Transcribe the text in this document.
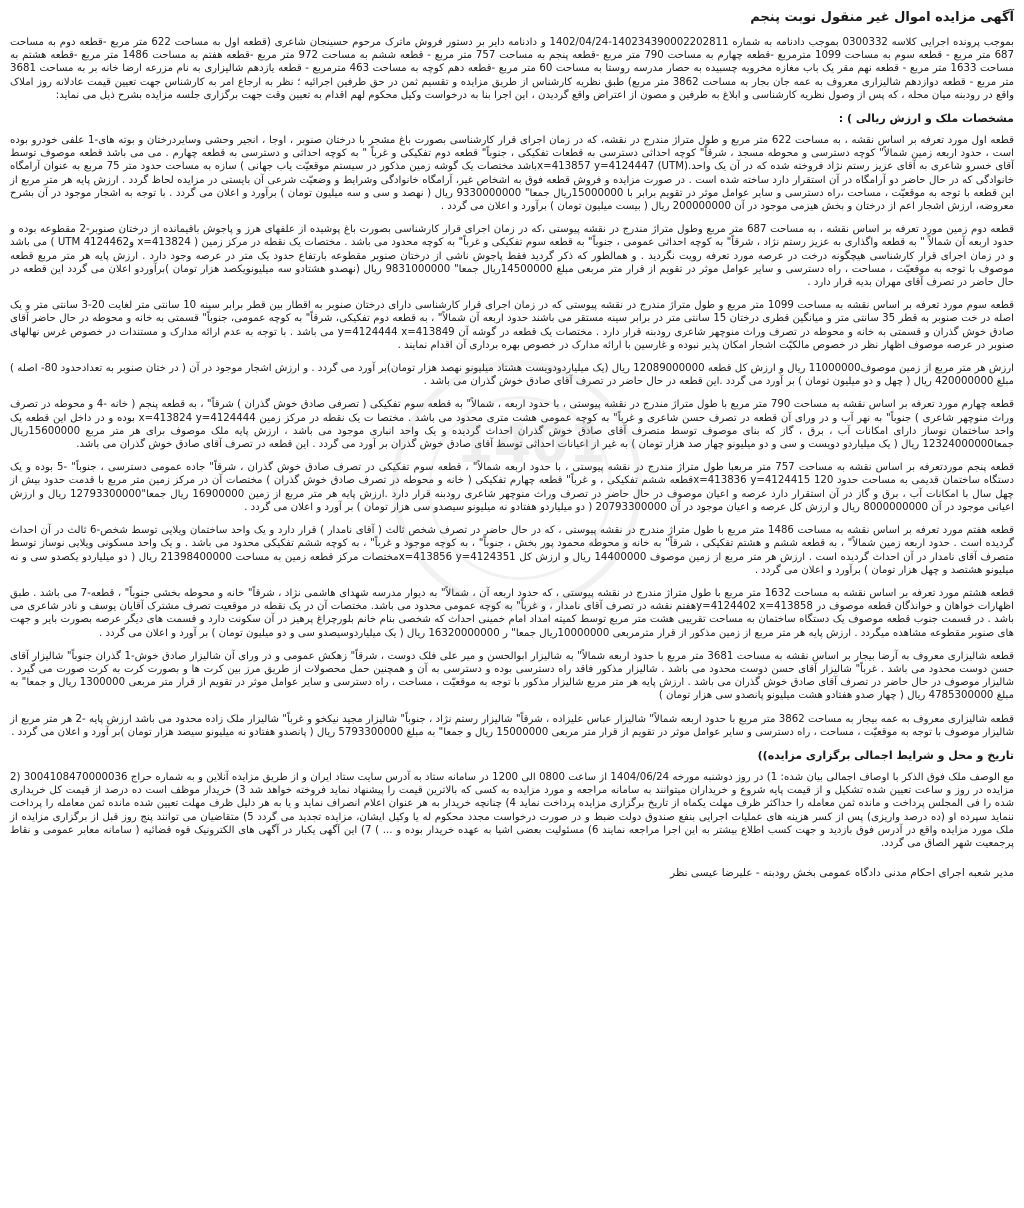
آگهی مزایده اموال غیر منقول نوبت پنجم

بموجب پرونده اجرایی کلاسه 0300332 بموجب دادنامه به شماره 140234390002202811-1402/04/24 و دادنامه دایر بر دستور فروش ماترک مرحوم حسینجان شاعری (قطعه اول به مساحت 622 متر مربع -قطعه دوم به مساحت 687 متر مربع - قطعه سوم به مساحت 1099 مترمربع -قطعه چهارم به مساحت 790 متر مربع -قطعه پنجم به مساحت 757 متر مربع - قطعه ششم به مساحت 972 متر مربع -قطعه هفتم به مساحت 1486 متر مربع -قطعه هشتم به مساحت 1633 متر مربع - قطعه نهم مقر یک باب مغازه مخروبه چسبیده به حصار مدرسه روستا به مساحت 60 متر مربع -قطعه دهم کوچه به مساحت 463 مترمربع - قطعه یازدهم شالیزاری به نام مزرعه ارضا خانه بر به مساحت 3681 متر مربع - قطعه دوازدهم شالیزاری معروف به عمه جان بجار به مساحت 3862 متر مربع) طبق نظریه کارشناس از طریق مزایده و تقسیم ثمن در حق طرفین اجرائیه ؛ نظر به ارجاع امر به کارشناس جهت تعیین قیمت عادلانه روز املاک واقع در رودبنه میان محله ، که پس از وصول نظریه کارشناسی و ابلاغ به طرفین و مصون از اعتراض واقع گردیدن ، این اجرا بنا به درخواست وکیل محکوم لهم اقدام به تعیین وقت جهت برگزاری جلسه مزایده بشرح ذیل می نماید:

مشخصات ملک و ارزش ریالی ) :

قطعه اول مورد تعرفه بر اساس نقشه ، به مساحت 622 متر مربع و طول متراژ مندرج در نقشه، که در زمان اجرای قرار کارشناسی بصورت باغ مشجر با درختان صنوبر ، اوجا ، انجیر وحشی وسایردرختان و بوته های-1 علفی خودرو بوده است ، حدود اربعه زمین شمالاً" کوچه دسترسی و محوطه مسجد ، شرقاً" کوچه احداثی دسترسی به قطعات تفکیکی ، جنوباً" قطعه دوم تفکیکی و غرباً " به کوچه احداثی و دسترسی به قطعه چهارم . می می باشد قطعه موصوف توسط آقای خسرو شاعری به آقای عزیز رستم نژاد فروخته شده که در آن یک واحد.x=413857 y=4124447 (UTM)باشد مختصات یک گوشه زمین مذکور در سیستم موقعیّت یاب جهانی ) سازه به مساحت حدود متر 75 مربع به عنوان آرامگاه خانوادگی که در حال حاضر دو آرامگاه در آن استقرار دارد ساخته شده است . در صورت مزایده و فروش قطعه فوق به اشخاص غیر، آرامگاه خانوادگی وشرایط و وضعیّت شرعی آن بایستی در مزایده لحاظ گردد . ارزش پایه هر متر مربع از این قطعه با توجه به موقعیّت ، مساحت ،راه دسترسی و سایر عوامل موثر در تقویم برابر با 15000000ریال جمعا" 9330000000 ریال ( نهصد و سی و سه میلیون تومان ) برآورد و اعلان می گردد . با توجه به اشجار موجود در آن بشرح معروضه، ارزش اشجار اعم از درختان و بخش هیزمی موجود در آن 200000000 ریال ( بیست میلیون تومان ) برآورد و اعلان می گردد .

قطعه دوم زمین مورد تعرفه بر اساس نقشه ، به مساحت 687 متر مربع وطول متراژ مندرج در نقشه پیوستی ،که در زمان اجرای قرار کارشناسی بصورت باغ پوشیده از علفهای هرز و پاجوش باقیمانده از درختان صنوبر-2 مقطوعه بوده و حدود اربعه آن شمالاً " به قطعه واگذاری به عزیز رستم نژاد ، شرقاً" به کوچه احداثی عمومی ، جنوباً" به قطعه سوم تفکیکی و غرباً" به کوچه محدود می باشد . مختصات یک نقطه در مرکز زمین ( x=413824 و4124462 UTM ) می باشد و در زمان اجرای قرار کارشناسی هیچگونه درخت در عرصه مورد تعرفه رویت نگردید . و همالطور که ذکر گردید فقط پاجوش ناشی از درختان صنوبر مقطوعه بارتفاع حدود یک متر در عرصه وجود دارد . ارزش پایه هر متر مربع قطعه موصوف با توجه به موقعیّت ، مساحت ، راه دسترسی و سایر عوامل موثر در تقویم از قرار متر مربعی مبلغ 14500000ریال جمعا" 9831000000 ریال (نهصدو هشتادو سه میلیونویکصد هزار تومان )برآوردو اعلان می گردد این قطعه در حال حاضر در تصرف آقای مهران بدیه قرار دارد .

قطعه سوم مورد تعرفه بر اساس نقشه به مساحت 1099 متر مربع و طول متراژ مندرج در نقشه پیوستی که در زمان اجرای قرار کارشناسی دارای درختان صنوبر به اقطار بین قطر برابر سینه 10 سانتی متر لغایت 20-3 سانتی متر و یک اصله در خت صنوبر به قطر 35 سانتی متر و میانگین قطری درختان 15 سانتی متر در برابر سینه مستقر می باشند حدود اربعه آن شمالاً" ، به قطعه دوم تفکیکی، شرقاً" به کوچه عمومی، جنوباً" قسمتی به خانه و محوطه در حال حاضر آقای صادق خوش گذران و قسمتی به خانه و محوطه در تصرف وراث منوچهر شاعری رودبنه قرار دارد . مختصات یک قطعه در گوشه آن y=4124444 x=413849 می باشد . با توجه به عدم ارائه مدارک و مستندات در خصوص غرس نهالهای صنوبر در عرصه موصوف اظهار نظر در خصوص مالکیّت اشجار امکان پذیر نبوده و غارسین با ارائه مدارک در خصوص بهره برداری آن اقدام نمایند .

ارزش هر متر مربع از زمین موصوف11000000 ریال و ارزش کل قطعه 12089000000 ریال (یک میلیاردودویست هشتاد میلیونو نهصد هزار تومان)بر آورد می گردد . و ارزش اشجار موجود در آن ( در ختان صنوبر به تعدادحدود 80- اصله ) مبلغ 420000000 ریال ( چهل و دو میلیون تومان ) بر آورد می گردد .این قطعه در حال حاضر در تصرف آقای صادق خوش گذران می باشد .

قطعه چهارم مورد تعرفه بر اساس نقشه به مساحت 790 متر مربع با طول متراژ مندرج در نقشه پیوستی ، با حدود اربعه ، شمالاً" به قطعه سوم تفکیکی ( تصرفی صادق خوش گذران ) شرقاً" ، به قطعه پنجم ( خانه -4 و محوطه در تصرف وراث منوچهر شاعری ) جنوباً" به نهر آب و در ورای آن قطعه در تصرف حسن شاعری و غرباً" به کوچه عمومی هشت متری محدود می باشد . مختصا ت یک نقطه در مرکز زمین x=413824 y=4124444 بوده و در داخل این قطعه یک واحد ساختمان نوساز دارای امکانات آب ، برق ، گاز که بنای موصوف توسط متصرف آقای صادق خوش گذران احداث گردیده و یک واحد انباری موجود می باشد ، ارزش پایه ملک موصوف برای هر متر مربع 15600000ریال جمعا12324000000 ریال ( یک میلیاردو دویست و سی و دو میلیونو چهار صد هزار تومان ) به غیر از اعیانات احداثی توسط آقای صادق خوش گذران بر آورد می گردد . این قطعه در تصرف آقای صادق خوش گذران می باشد.

قطعه پنجم موردتعرفه بر اساس نقشه به مساحت 757 متر مربعبا طول متراژ مندرج در نقشه پیوستی ، با حدود اربعه شمالاً" ، قطعه سوم تفکیکی در تصرف صادق خوش گذران ، شرقاً" جاده عمومی دسترسی ، جنوباً" -5 بوده و یک دستگاه ساختمان قدیمی به مساحت حدود 120 x=413836 y=4124415قطعه ششم تفکیکی ، و غرباً" قطعه چهارم تفکیکی ( خانه و محوطه در تصرف صادق خوش گذران ) مختصات آن در مرکز زمین متر مربع با قدمت حدود بیش از چهل سال با امکانات آب ، برق و گاز در آن استقرار دارد عرصه و اعیان موصوف در حال حاضر در تصرف وراث منوچهر شاعری رودبنه قرار دارد .ارزش پایه هر متر مربع از زمین 16900000 ریال جمعا"12793300000 ریال و ارزش اعیانی موجود در آن 8000000000 ریال و ارزش کل عرصه و اعیان موجود در آن 20793300000 ( دو میلیاردو هفتادو نه میلیونو سیصدو سی هزار تومان ) بر آورد و اعلان می گردد .

قطعه هفتم مورد تعرفه بر اساس نقشه به مساحت 1486 متر مربع با طول متراژ مندرج در نقشه پیوستی ، که در حال حاضر در تصرف شخص ثالث ( آقای نامدار ) قرار دارد و یک واحد ساختمان ویلایی توسط شخص-6 ثالث در آن احداث گردیده است . حدود اربعه زمین شمالاً" ، به قطعه ششم و هشتم تفکیکی ، شرقاً" به خانه و محوطه محمود پور بخش ، جنوباً" ، به کوچه موجود و غرباً" ، به کوچه ششم تفکیکی محدود می باشد . و یک واحد مسکونی ویلایی نوساز توسط متصرف آقای نامدار در آن احداث گردیده است . ارزش هر متر مربع از زمین موصوف 14400000 ریال و ارزش کل x=413856 y=4124351مختصات مرکز قطعه زمین به مساحت 21398400000 ریال ( دو میلیاردو یکصدو سی و نه میلیونو هشتصد و چهل هزار تومان ) برآورد و اعلان می گردد .

قطعه هشتم مورد تعرفه بر اساس نقشه به مساحت 1632 متر مربع با طول متراژ مندرج در نقشه پیوستی ، که حدود اربعه آن ، شمالاً" به دیوار مدرسه شهدای هاشمی نژاد ، شرقاً" خانه و محوطه بخشی جنوباً" ، قطعه-7 می باشد . طبق اظهارات خواهان و خوانذگان قطعه موصوف در y=4124402 x=413858هفتم نقشه در تصرف آقای نامدار ، و غرباً" به کوچه عمومی محدود می باشد. مختصات آن در یک نقطه در موقعیت تصرف مشترک آقایان یوسف و نادر شاعری می باشد . در قسمت جنوب قطعه موصوف یک دستگاه ساختمان به مساحت تقریبی هشت متر مربع توسط کمیته امداد امام خمینی احداث که شخصی بنام خانم بلورچراغ پرهیز در آن سکونت دارد و قسمت های دیگر عرصه بصورت بایر و جهت های صنوبر مقطوعه مشاهده میگردد . ارزش پایه هر متر مربع از زمین مذکور از قرار مترمربعی 10000000ریال جمعا" ر 16320000000 ریال ( یک میلیاردوسیصدو سی و دو میلیون تومان ) بر آورد و اعلان می گردد .

قطعه شالیزاری معروف به آرضا بیجار بر اساس نقشه به مساحت 3681 متر مربع با حدود اربعه شمالاً" به شالیزار ابوالحسن و میر علی فلک دوست ، شرقاً" زهکش عمومی و در ورای آن شالیزار صادق خوش-1 گذران جنوباً" شالیزار آقای حسن دوست محدود می باشد . غرباً" شالیزار آقای حسن دوست محدود می باشد . شالیزار مذکور فاقد راه دسترسی بوده و دسترسی به آن و همچنین حمل محصولات از طریق مرز بین کرت ها و بصورت کرت به کرت صورت می گیرد . شالیزار موصوف در حال حاضر در تصرف آقای صادق خوش گذران می باشد . ارزش پایه هر متر مربع شالیزار مذکور با توجه به موقعیّت ، مساحت ، راه دسترسی و سایر عوامل موثر در تقویم از قرار متر مربعی 1300000 ریال و جمعا" به مبلغ 4785300000 ریال ( چهار صدو هفتادو هشت میلیونو پانصدو سی هزار تومان )

قطعه شالیزاری معروف به عمه بیجار به مساحت 3862 متر مربع با حدود اربعه شمالاً" شالیزار عباس علیزاده ، شرقاً" شالیزار رستم نژاد ، جنوباً" شالیزار مجید نیکخو و غرباً" شالیزار ملک زاده محدود می باشد ارزش پایه -2 هر متر مربع از شالیزار موصوف با توجه به موقعیّت ، مساحت ، راه دسترسی و سایر عوامل موثر در تقویم از قرار متر مربعی 15000000 ریال و جمعا" به مبلغ 5793300000 ریال ( پانصدو هفتادو نه میلیونو سیصد هزار تومان )بر آورد و اعلان می گردد .

تاریخ و محل و شرایط اجمالی برگزاری مزایده))

مع الوصف ملک فوق الذکر با اوصاف اجمالی بیان شده: 1) در روز دوشنبه مورخه 1404/06/24 از ساعت 0800 الی 1200 در سامانه ستاد به آدرس سایت ستاد ایران و از طریق مزایده آنلاین و به شماره حراج 3004108470000036 (2 مزایده در روز و ساعت تعیین شده تشکیل و از قیمت پایه شروع و خریداران میتوانند به سامانه مراجعه و مورد مزایده به کسی که بالاترین قیمت را پیشنهاد نماید فروخته خواهد شد 3) خریدار موظف است ده درصد از قیمت کل خریداری شده را فی المجلس پرداخت و مانده ثمن معامله را حداکثر ظرف مهلت یکماه از تاریخ برگزاری مزایده پرداخت نماید 4) چنانچه خریدار به هر عنوان اعلام انصراف نماید و یا به هر دلیل ظرف مهلت تعیین شده مانده ثمن معامله را پرداخت ننماید سپرده او (ده درصد واریزی) پس از کسر هزینه های عملیات اجرایی بنفع صندوق دولت ضبط و در صورت درخواست مجدد محکوم له یا وکیل ایشان، مزایده تجدید می گردد 5) متقاضیان می توانند پنج روز قبل از برگزاری مزایده از ملک مورد مزایده واقع در آدرس فوق بازدید و جهت کسب اطلاع بیشتر به این اجرا مراجعه نمایند 6) مسئولیت بعضی اشیا به عهده خریدار بوده و ... ) 7) این آگهی یکبار در آگهی های الکترونیک قوه قضائیه ( سامانه معابر عمومی و نقاط پرجمعیت شهر الصاق می گردد.

مدیر شعبه اجرای احکام مدنی دادگاه عمومی بخش رودبنه - علیرضا عیسی نظر
1401
